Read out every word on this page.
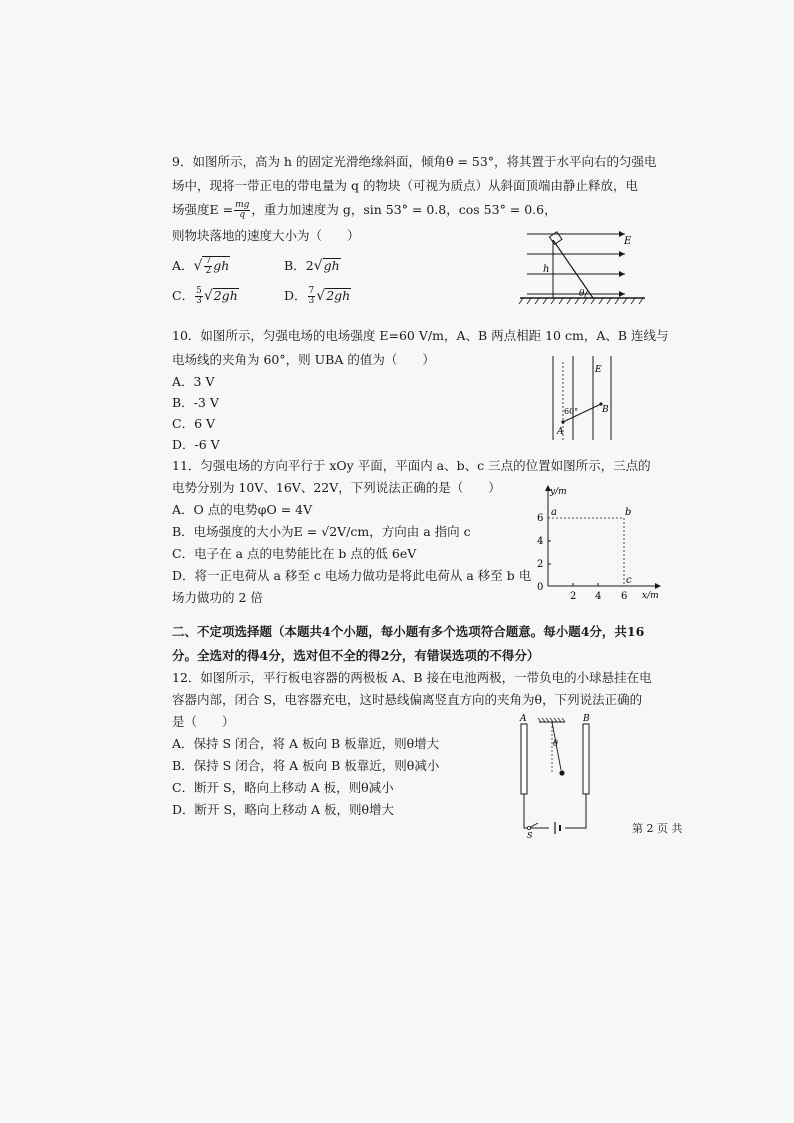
9．如图所示，高为 h 的固定光滑绝缘斜面，倾角θ = 53°，将其置于水平向右的匀强电
场中，现将一带正电的带电量为 q 的物块（可视为质点）从斜面顶端由静止释放，电
场强度$E = \frac{mg}{q}$ ，重力加速度为 g，sin 53° = 0.8，cos 53° = 0.6，
则物块落地的速度大小为（　　）
A．√ $\frac{7}{2}$ gh	B．2√gh
C． $\frac{5}{3} √2gh$	D． $\frac{7}{3} √2gh$
E
h
θ
10．如图所示，匀强电场的电场强度 E=60 V/m，A、B 两点相距 10 cm，A、B 连线与
电场线的夹角为 60°，则 UBA 的值为（　　）
A．3 V
B．-3 V
C．6 V
D．-6 V
A
B
E
60°
11．匀强电场的方向平行于 xOy 平面，平面内 a、b、c 三点的位置如图所示，三点的
电势分别为 10V、16V、22V，下列说法正确的是（　　）
A．O 点的电势φO = 4V
B．电场强度的大小为E = √2V/cm，方向由 a 指向 c
C．电子在 a 点的电势能比在 b 点的低 6eV
D．将一正电荷从 a 移至 c 电场力做功是将此电荷从 a 移至 b 电
场力做功的 2 倍
y/m
x/m
6
4
2
0
2 4 6
a	b
c
二、不定项选择题（本题共4个小题，每小题有多个选项符合题意。每小题4分，共16
分。全选对的得4分，选对但不全的得2分，有错误选项的不得分）
12．如图所示，平行板电容器的两极板 A、B 接在电池两极，一带负电的小球悬挂在电
容器内部，闭合 S，电容器充电，这时悬线偏离竖直方向的夹角为θ，下列说法正确的
是（　　）
A．保持 S 闭合，将 A 板向 B 板靠近，则θ增大
B．保持 S 闭合，将 A 板向 B 板靠近，则θ减小
C．断开 S，略向上移动 A 板，则θ减小
D．断开 S，略向上移动 A 板，则θ增大
A	B
θ
S
第 2 页 共
